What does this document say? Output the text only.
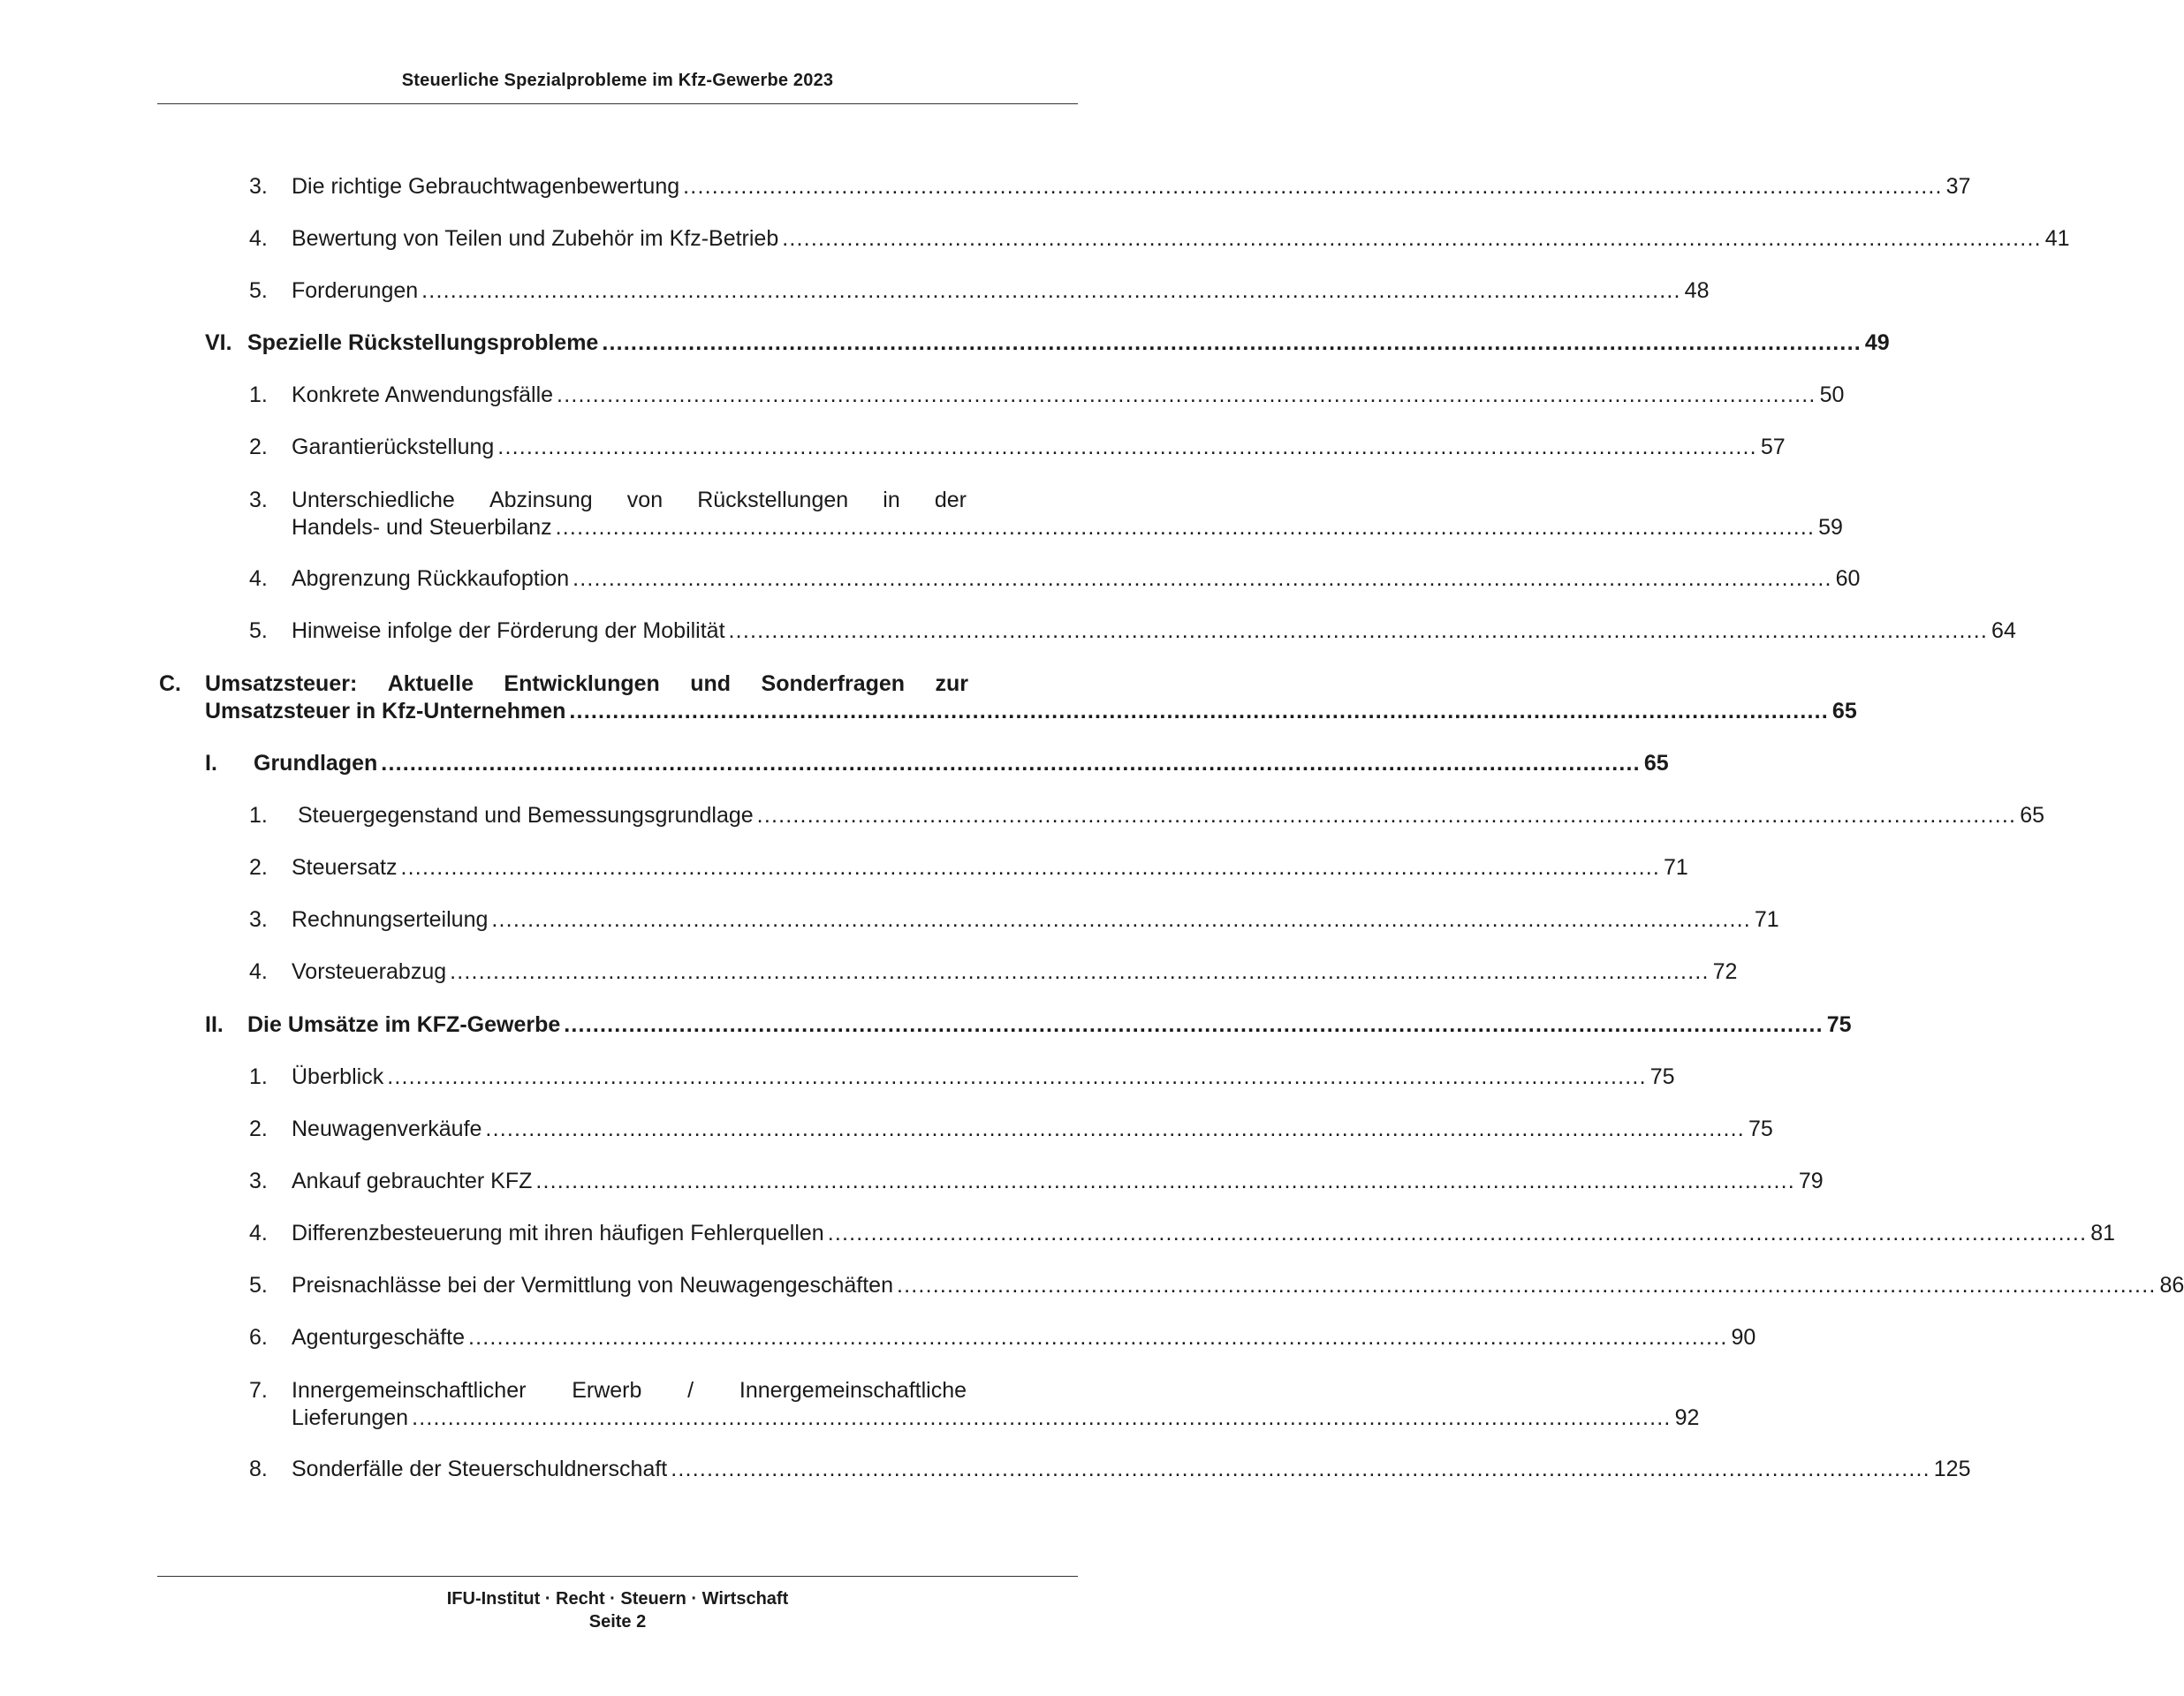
Steuerliche Spezialprobleme im Kfz-Gewerbe 2023
3. Die richtige Gebrauchtwagenbewertung ............................................................................................................................................................................... 37
4. Bewertung von Teilen und Zubehör im Kfz-Betrieb ............................................................................................................................................................................... 41
5. Forderungen ............................................................................................................................................................................... 48
VI. Spezielle Rückstellungsprobleme ............................................................................................................................................................................... 49
1. Konkrete Anwendungsfälle ............................................................................................................................................................................... 50
2. Garantierückstellung ............................................................................................................................................................................... 57
3. Unterschiedliche Abzinsung von Rückstellungen in der
Handels- und Steuerbilanz ............................................................................................................................................................................... 59
4. Abgrenzung Rückkaufoption ............................................................................................................................................................................... 60
5. Hinweise infolge der Förderung der Mobilität ............................................................................................................................................................................... 64
C. Umsatzsteuer: Aktuelle Entwicklungen und Sonderfragen zur
Umsatzsteuer in Kfz-Unternehmen ............................................................................................................................................................................... 65
I. Grundlagen ............................................................................................................................................................................... 65
1. Steuergegenstand und Bemessungsgrundlage ............................................................................................................................................................................... 65
2. Steuersatz ............................................................................................................................................................................... 71
3. Rechnungserteilung ............................................................................................................................................................................... 71
4. Vorsteuerabzug ............................................................................................................................................................................... 72
II. Die Umsätze im KFZ-Gewerbe ............................................................................................................................................................................... 75
1. Überblick ............................................................................................................................................................................... 75
2. Neuwagenverkäufe ............................................................................................................................................................................... 75
3. Ankauf gebrauchter KFZ ............................................................................................................................................................................... 79
4. Differenzbesteuerung mit ihren häufigen Fehlerquellen ............................................................................................................................................................................... 81
5. Preisnachlässe bei der Vermittlung von Neuwagengeschäften ............................................................................................................................................................................... 86
6. Agenturgeschäfte ............................................................................................................................................................................... 90
7. Innergemeinschaftlicher Erwerb / Innergemeinschaftliche
Lieferungen ............................................................................................................................................................................... 92
8. Sonderfälle der Steuerschuldnerschaft ............................................................................................................................................................................... 125
IFU-Institut · Recht · Steuern · Wirtschaft
Seite 2
